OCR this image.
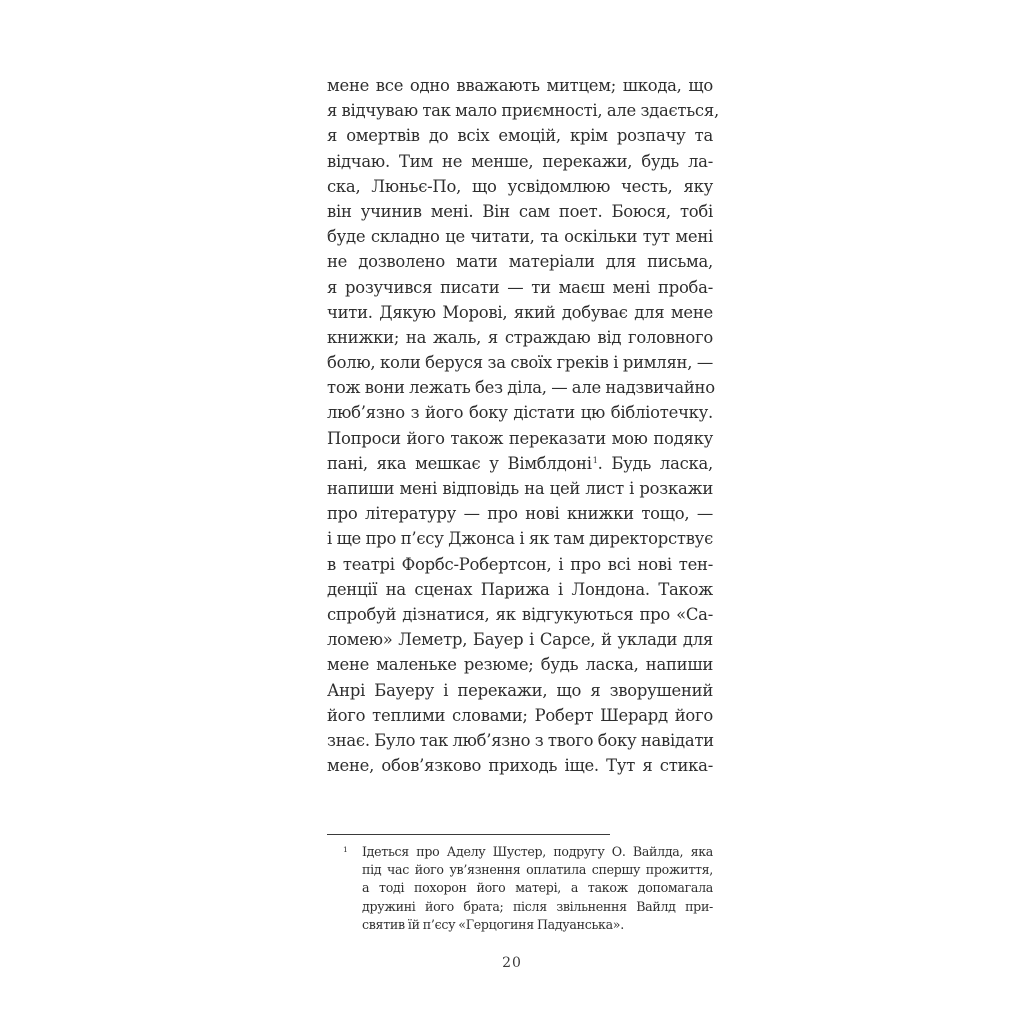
мене все одно вважають митцем; шкода, що
я відчуваю так мало приємності, але здається,
я омертвів до всіх емоцій, крім розпачу та
відчаю. Тим не менше, перекажи, будь ла-
ска, Люньє-По, що усвідомлюю честь, яку
він учинив мені. Він сам поет. Боюся, тобі
буде складно це читати, та оскільки тут мені
не дозволено мати матеріали для письма,
я розучився писати — ти маєш мені проба-
чити. Дякую Морові, який добуває для мене
книжки; на жаль, я страждаю від головного
болю, коли беруся за своїх греків і римлян, —
тож вони лежать без діла, — але надзвичайно
люб’язно з його боку дістати цю бібліотечку.
Попроси його також переказати мою подяку
пані, яка мешкає у Вімблдоні$^1$. Будь ласка,
напиши мені відповідь на цей лист і розкажи
про літературу — про нові книжки тощо, —
і ще про п’єсу Джонса і як там директорствує
в театрі Форбс-Робертсон, і про всі нові тен-
денції на сценах Парижа і Лондона. Також
спробуй дізнатися, як відгукуються про «Са-
ломею» Леметр, Бауер і Сарсе, й уклади для
мене маленьке резюме; будь ласка, напиши
Анрі Бауеру і перекажи, що я зворушений
його теплими словами; Роберт Шерард його
знає. Було так люб’язно з твого боку навідати
мене, обов’язково приходь іще. Тут я стика-
1 Ідеться про Аделу Шустер, подругу О. Вайлда, яка
під час його ув’язнення оплатила спершу прожиття,
а тоді похорон його матері, а також допомагала
дружині його брата; після звільнення Вайлд при-
святив їй п’єсу «Герцогиня Падуанська».
20
